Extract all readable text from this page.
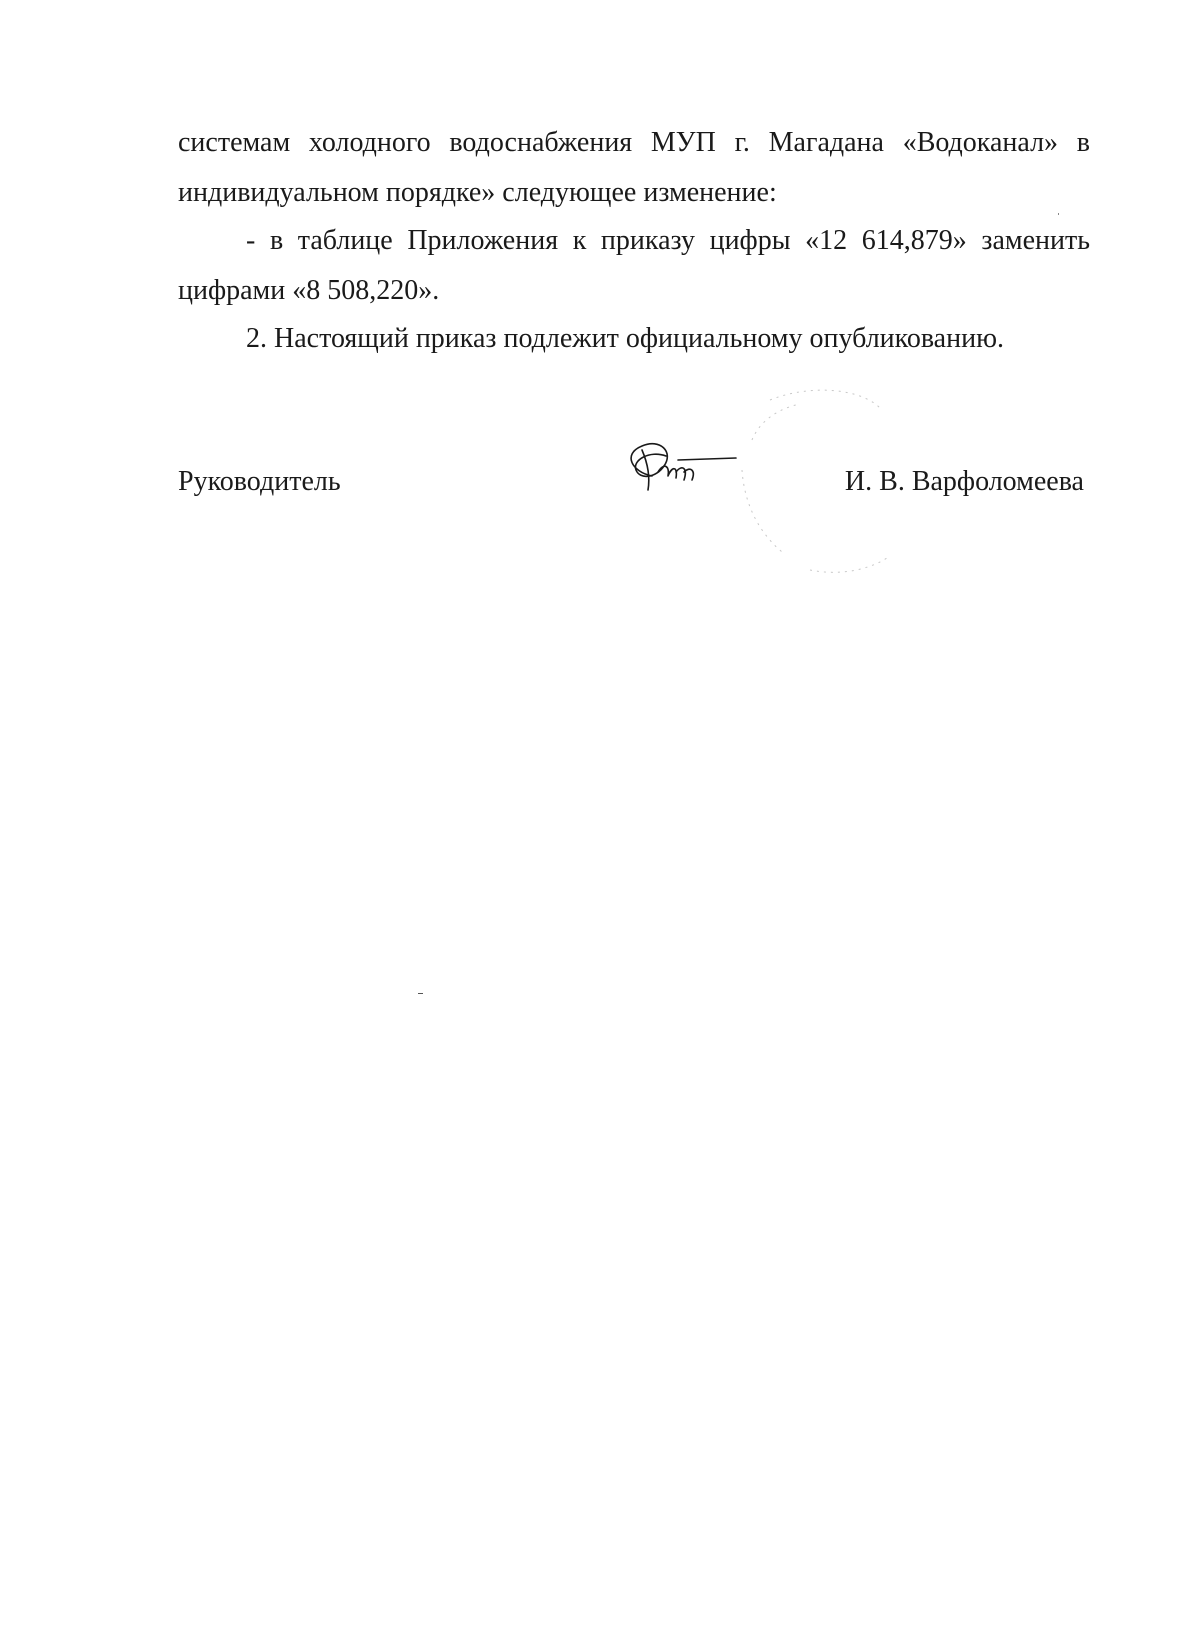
системам холодного водоснабжения МУП г. Магадана «Водоканал» в индивидуальном порядке» следующее изменение:

- в таблице Приложения к приказу цифры «12 614,879» заменить цифрами «8 508,220».

2. Настоящий приказ подлежит официальному опубликованию.

Руководитель	И. В. Варфоломеева
